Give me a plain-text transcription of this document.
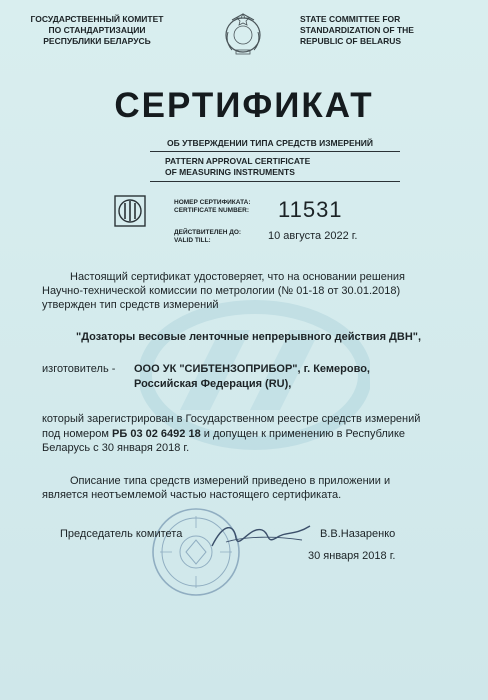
ГОСУДАРСТВЕННЫЙ КОМИТЕТ
ПО СТАНДАРТИЗАЦИИ
РЕСПУБЛИКИ БЕЛАРУСЬ
STATE COMMITTEE FOR
STANDARDIZATION OF THE
REPUBLIC OF BELARUS
СЕРТИФИКАТ
ОБ УТВЕРЖДЕНИИ ТИПА СРЕДСТВ ИЗМЕРЕНИЙ
PATTERN APPROVAL CERTIFICATE
OF MEASURING INSTRUMENTS
НОМЕР СЕРТИФИКАТА:
CERTIFICATE NUMBER: 11531
ДЕЙСТВИТЕЛЕН ДО:
VALID TILL:	10 августа 2022 г.
Настоящий сертификат удостоверяет, что на основании решения
Научно-технической комиссии по метрологии (№ 01-18 от 30.01.2018)
утвержден тип средств измерений
"Дозаторы весовые ленточные непрерывного действия ДВН",
изготовитель - ООО УК "СИБТЕНЗОПРИБОР", г. Кемерово,
Российская Федерация (RU),
который зарегистрирован в Государственном реестре средств измерений
под номером РБ 03 02 6492 18 и допущен к применению в Республике
Беларусь с 30 января 2018 г.
Описание типа средств измерений приведено в приложении и
является неотъемлемой частью настоящего сертификата.
Председатель комитета	В.В.Назаренко
30 января 2018 г.
